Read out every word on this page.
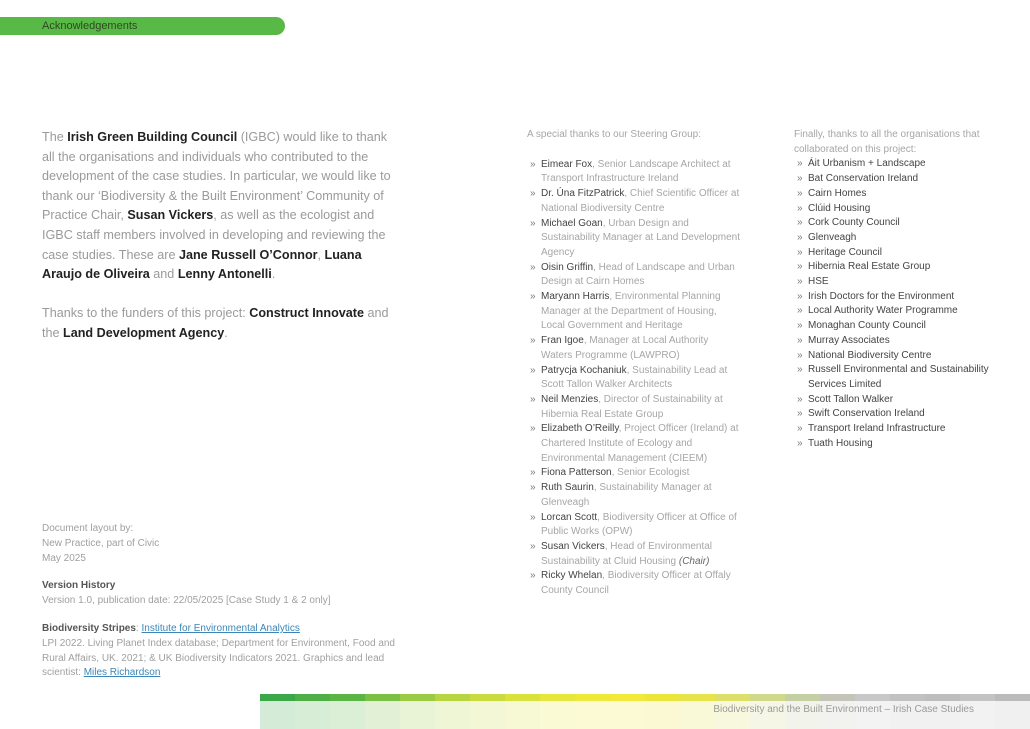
Acknowledgements

The Irish Green Building Council (IGBC) would like to thank all the organisations and individuals who contributed to the development of the case studies. In particular, we would like to thank our ‘Biodiversity & the Built Environment’ Community of Practice Chair, Susan Vickers, as well as the ecologist and IGBC staff members involved in developing and reviewing the case studies. These are Jane Russell O’Connor, Luana Araujo de Oliveira and Lenny Antonelli.

Thanks to the funders of this project: Construct Innovate and the Land Development Agency.

Document layout by:
New Practice, part of Civic
May 2025
Version History
Version 1.0, publication date: 22/05/2025 [Case Study 1 & 2 only]
Biodiversity Stripes: Institute for Environmental Analytics
LPI 2022. Living Planet Index database; Department for Environment, Food and Rural Affairs, UK. 2021; & UK Biodiversity Indicators 2021. Graphics and lead scientist: Miles Richardson

A special thanks to our Steering Group:

» Eimear Fox, Senior Landscape Architect at Transport Infrastructure Ireland
» Dr. Úna FitzPatrick, Chief Scientific Officer at National Biodiversity Centre
» Michael Goan, Urban Design and Sustainability Manager at Land Development Agency
» Oisin Griffin, Head of Landscape and Urban Design at Cairn Homes
» Maryann Harris, Environmental Planning Manager at the Department of Housing, Local Government and Heritage
» Fran Igoe, Manager at Local Authority Waters Programme (LAWPRO)
» Patrycja Kochaniuk, Sustainability Lead at Scott Tallon Walker Architects
» Neil Menzies, Director of Sustainability at Hibernia Real Estate Group
» Elizabeth O’Reilly, Project Officer (Ireland) at Chartered Institute of Ecology and Environmental Management (CIEEM)
» Fiona Patterson, Senior Ecologist
» Ruth Saurin, Sustainability Manager at Glenveagh
» Lorcan Scott, Biodiversity Officer at Office of Public Works (OPW)
» Susan Vickers, Head of Environmental Sustainability at Cluid Housing (Chair)
» Ricky Whelan, Biodiversity Officer at Offaly County Council

Finally, thanks to all the organisations that collaborated on this project:

» Áit Urbanism + Landscape
» Bat Conservation Ireland
» Cairn Homes
» Clúid Housing
» Cork County Council
» Glenveagh
» Heritage Council
» Hibernia Real Estate Group
» HSE
» Irish Doctors for the Environment
» Local Authority Water Programme
» Monaghan County Council
» Murray Associates
» National Biodiversity Centre
» Russell Environmental and Sustainability Services Limited
» Scott Tallon Walker
» Swift Conservation Ireland
» Transport Ireland Infrastructure
» Tuath Housing
Biodiversity and the Built Environment – Irish Case Studies
